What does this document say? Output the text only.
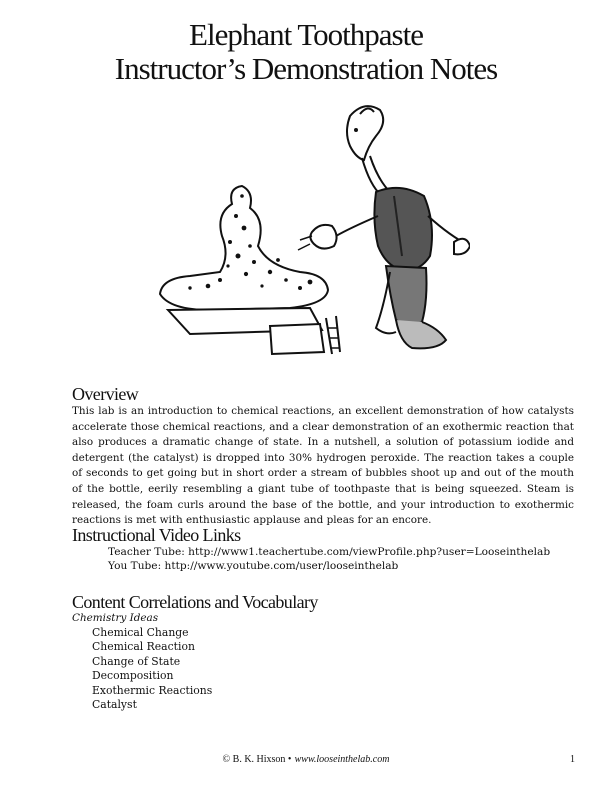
Elephant Toothpaste
Instructor’s Demonstration Notes
Overview
This lab is an introduction to chemical reactions, an excellent demonstration of how catalysts accelerate those chemical reactions, and a clear demonstration of an exothermic reaction that also produces a dramatic change of state. In a nutshell, a solution of potassium iodide and detergent (the catalyst) is dropped into 30% hydrogen peroxide. The reaction takes a couple of seconds to get going but in short order a stream of bubbles shoot up and out of the mouth of the bottle, eerily resembling a giant tube of toothpaste that is being squeezed. Steam is released, the foam curls around the base of the bottle, and your introduction to exothermic reactions is met with enthusiastic applause and pleas for an encore.
Instructional Video Links
Teacher Tube: http://www1.teachertube.com/viewProfile.php?user=Looseinthelab
You Tube: http://www.youtube.com/user/looseinthelab
Content Correlations and Vocabulary
Chemistry Ideas
Chemical Change
Chemical Reaction
Change of State
Decomposition
Exothermic Reactions
Catalyst
© B. K. Hixson • www.looseinthelab.com	1
